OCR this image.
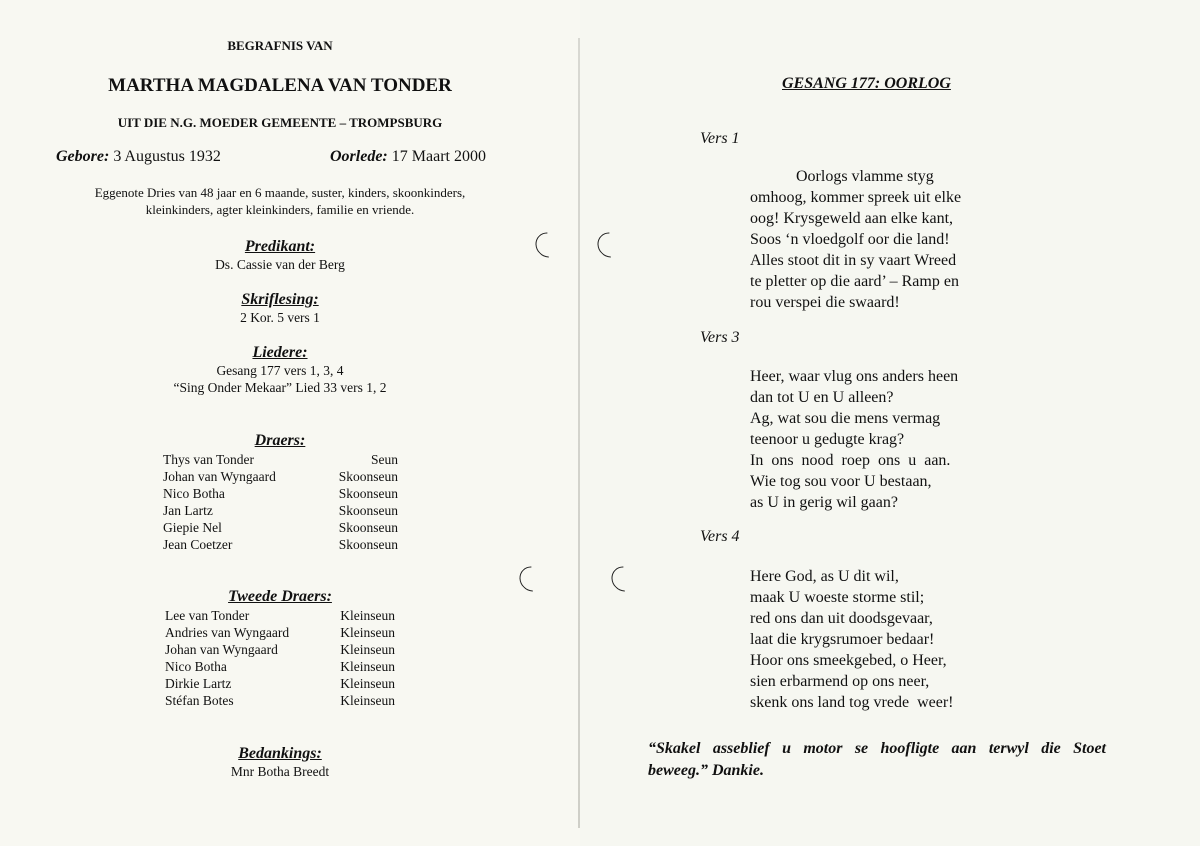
BEGRAFNIS VAN
MARTHA MAGDALENA VAN TONDER
UIT DIE N.G. MOEDER GEMEENTE – TROMPSBURG
Gebore: 3 Augustus 1932	Oorlede: 17 Maart 2000
Eggenote Dries van 48 jaar en 6 maande, suster, kinders, skoonkinders,
kleinkinders, agter kleinkinders, familie en vriende.
Predikant:
Ds. Cassie van der Berg
Skriflesing:
2 Kor. 5 vers 1
Liedere:
Gesang 177 vers 1, 3, 4
“Sing Onder Mekaar” Lied 33 vers 1, 2
Draers:
Thys van Tonder	Seun
Johan van Wyngaard	Skoonseun
Nico Botha	Skoonseun
Jan Lartz	Skoonseun
Giepie Nel	Skoonseun
Jean Coetzer	Skoonseun
Tweede Draers:
Lee van Tonder	Kleinseun
Andries van Wyngaard	Kleinseun
Johan van Wyngaard	Kleinseun
Nico Botha	Kleinseun
Dirkie Lartz	Kleinseun
Stéfan Botes	Kleinseun
Bedankings:
Mnr Botha Breedt
GESANG 177: OORLOG
Vers 1
Oorlogs vlamme styg
omhoog, kommer spreek uit elke
oog! Krysgeweld aan elke kant,
Soos ‘n vloedgolf oor die land!
Alles stoot dit in sy vaart Wreed
te pletter op die aard’ – Ramp en
rou verspei die swaard!
Vers 3
Heer, waar vlug ons anders heen
dan tot U en U alleen?
Ag, wat sou die mens vermag
teenoor u gedugte krag?
In  ons  nood  roep  ons  u  aan.
Wie tog sou voor U bestaan,
as U in gerig wil gaan?
Vers 4
Here God, as U dit wil,
maak U woeste storme stil;
red ons dan uit doodsgevaar,
laat die krygsrumoer bedaar!
Hoor ons smeekgebed, o Heer,
sien erbarmend op ons neer,
skenk ons land tog vrede  weer!
“Skakel asseblief u motor se hoofligte aan terwyl die Stoet
beweeg.” Dankie.
